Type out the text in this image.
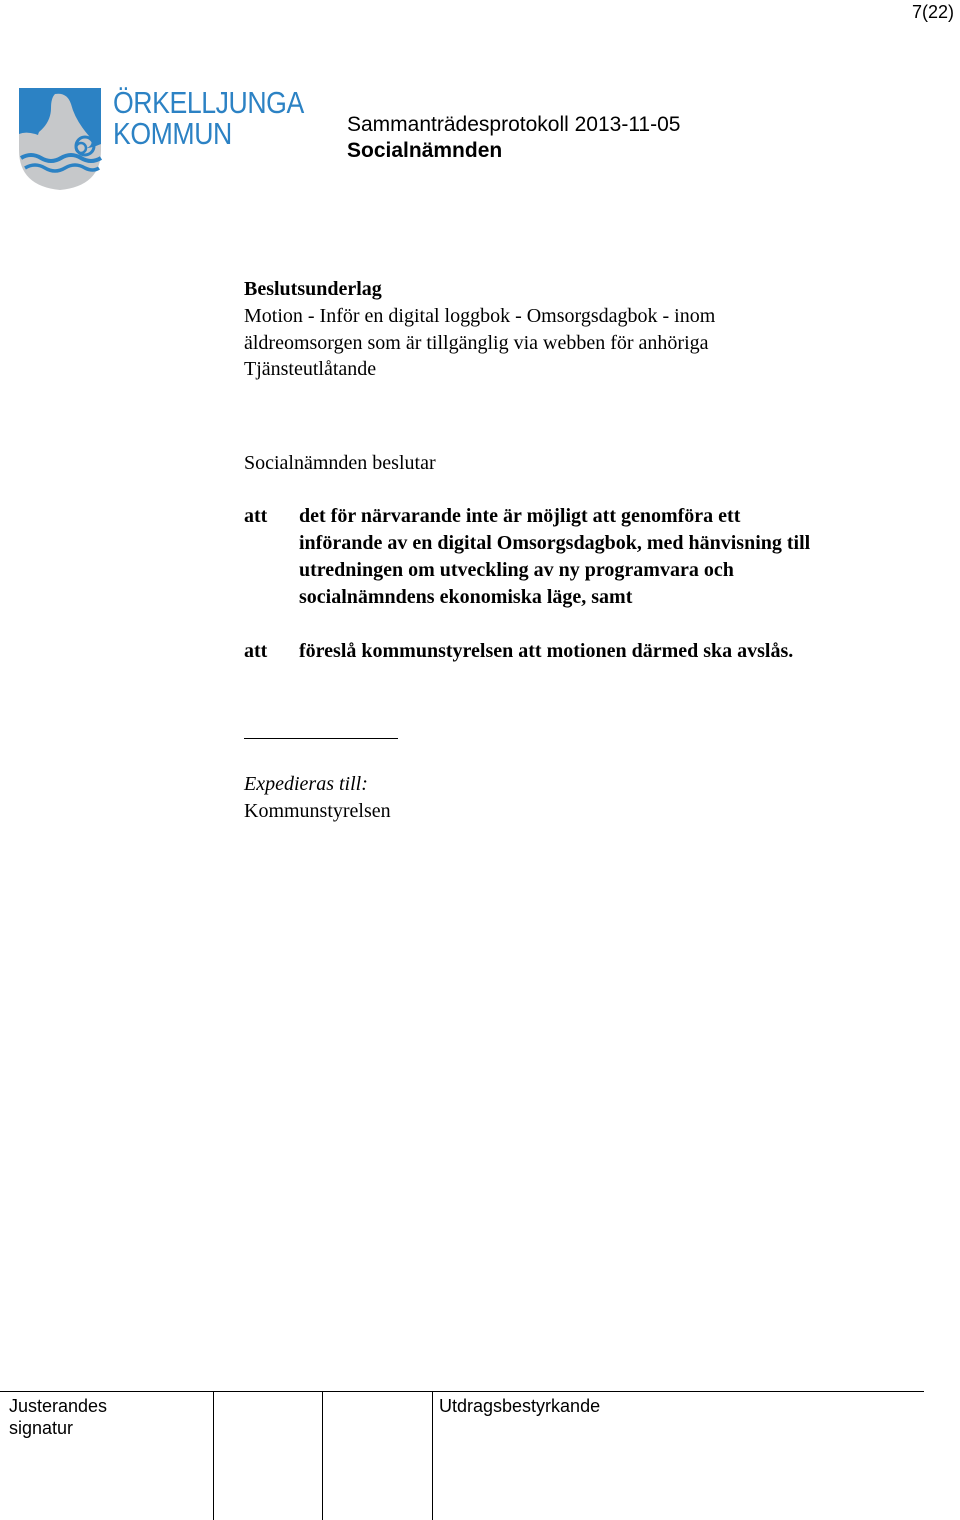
7(22)
ÖRKELLJUNGA
KOMMUN	Sammanträdesprotokoll 2013-11-05
Socialnämnden
Beslutsunderlag
Motion - Inför en digital loggbok - Omsorgsdagbok - inom
äldreomsorgen som är tillgänglig via webben för anhöriga
Tjänsteutlåtande
Socialnämnden beslutar
att det för närvarande inte är möjligt att genomföra ett
införande av en digital Omsorgsdagbok, med hänvisning till
utredningen om utveckling av ny programvara och
socialnämndens ekonomiska läge, samt
att föreslå kommunstyrelsen att motionen därmed ska avslås.
Expedieras till:
Kommunstyrelsen
Justerandes
signatur
Utdragsbestyrkande
